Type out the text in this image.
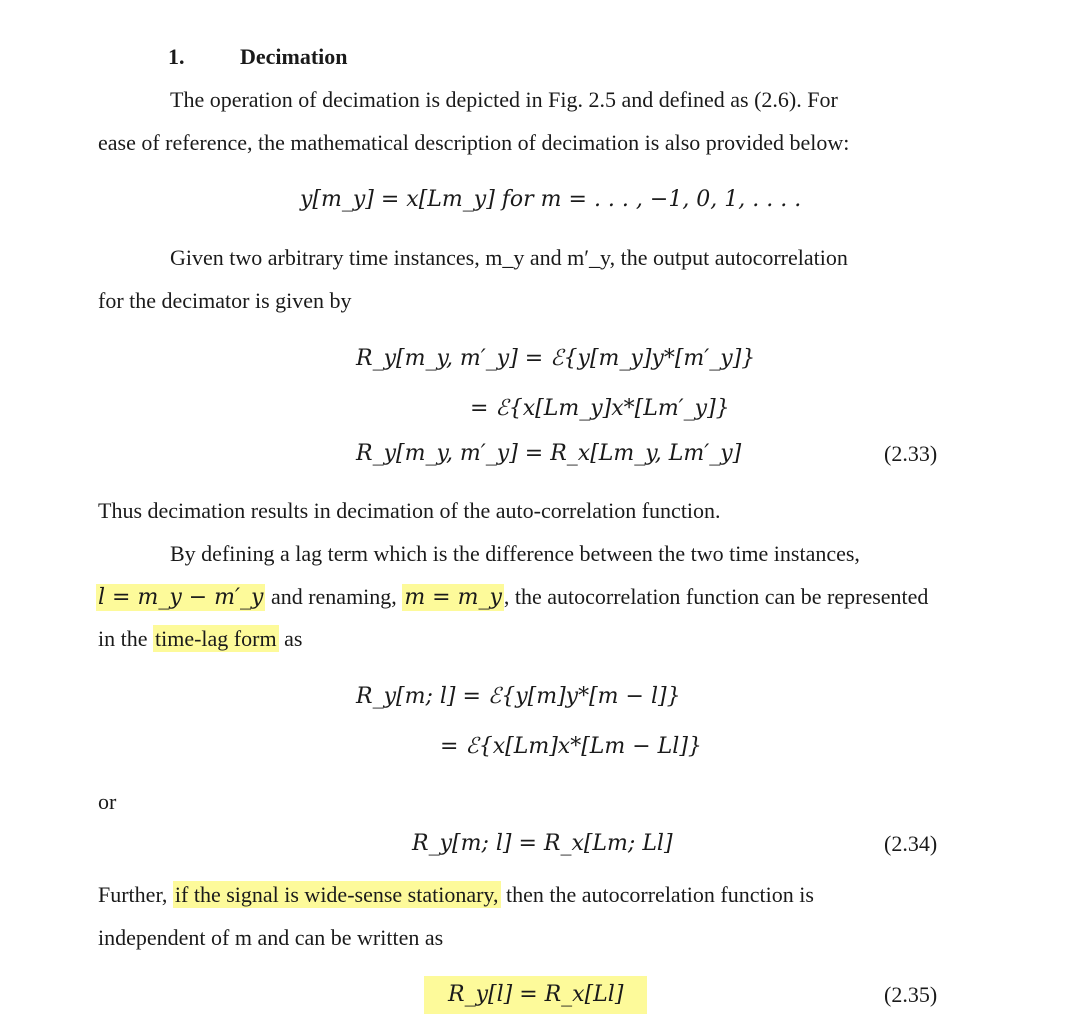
1.	Decimation
The operation of decimation is depicted in Fig. 2.5 and defined as (2.6). For
ease of reference, the mathematical description of decimation is also provided below:
y[m_y] = x[Lm_y] for m = . . . , −1, 0, 1, . . . .
Given two arbitrary time instances, m_y and m′_y, the output autocorrelation
for the decimator is given by
R_y[m_y, m′_y] = ℰ{y[m_y]y*[m′_y]}
= ℰ{x[Lm_y]x*[Lm′_y]}
R_y[m_y, m′_y] = R_x[Lm_y, Lm′_y]	(2.33)
Thus decimation results in decimation of the auto-correlation function.
By defining a lag term which is the difference between the two time instances,
l = m_y − m′_y and renaming, m = m_y, the autocorrelation function can be represented
in the time-lag form as
R_y[m; l] = ℰ{y[m]y*[m − l]}
= ℰ{x[Lm]x*[Lm − Ll]}
or
R_y[m; l] = R_x[Lm; Ll]	(2.34)
Further, if the signal is wide-sense stationary, then the autocorrelation function is
independent of m and can be written as
R_y[l] = R_x[Ll]	(2.35)
